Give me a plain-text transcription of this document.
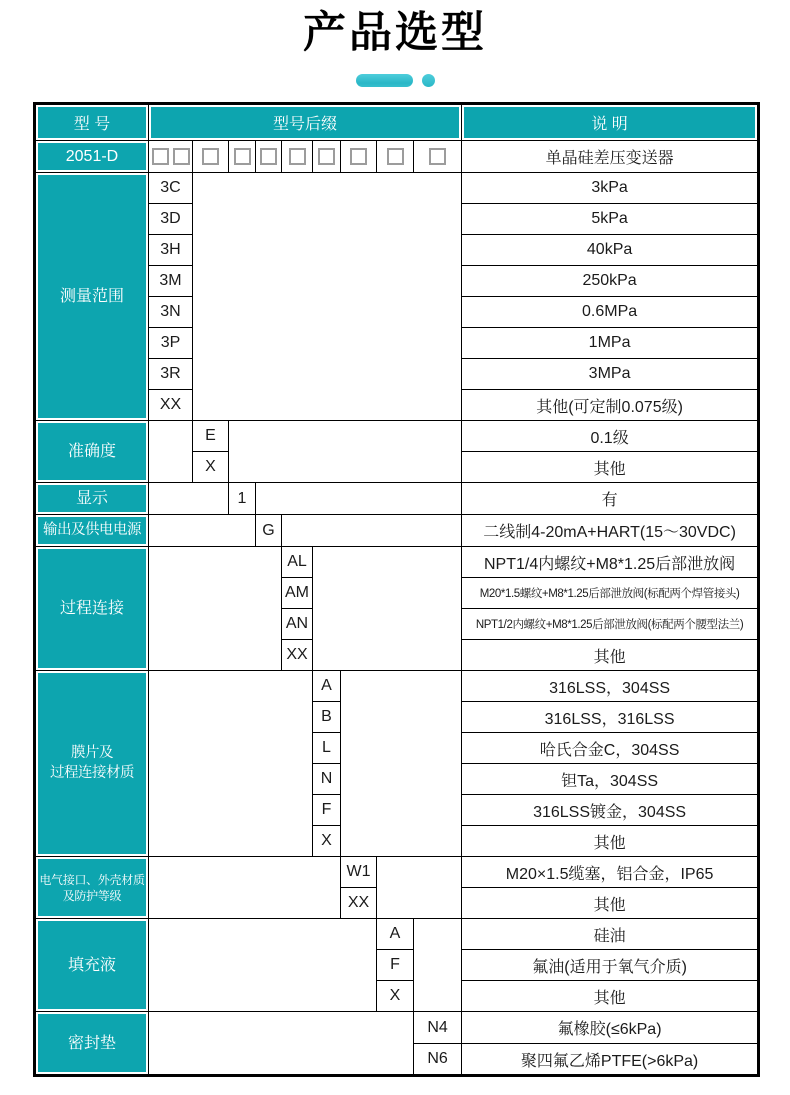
产品选型
型 号	型号后缀									说 明
2051-D										单晶硅差压变送器
测量范围	3C									3kPa
	3D									5kPa
	3H									40kPa
	3M									250kPa
	3N									0.6MPa
	3P									1MPa
	3R									3MPa
	XX									其他(可定制0.075级)
准确度		E								0.1级
		X								其他
显示			1							有
输出及供电电源				G						二线制4-20mA+HART(15～30VDC)
过程连接					AL					NPT1/4内螺纹+M8*1.25后部泄放阀
					AM					M20*1.5螺纹+M8*1.25后部泄放阀(标配两个焊管接头)
					AN					NPT1/2内螺纹+M8*1.25后部泄放阀(标配两个腰型法兰)
					XX					其他
膜片及
过程连接材质						A				316LSS，304SS
						B				316LSS，316LSS
						L				哈氏合金C，304SS
						N				钽Ta，304SS
						F				316LSS镀金，304SS
						X				其他
电气接口、外壳材质
及防护等级							W1			M20×1.5缆塞，铝合金，IP65
							XX			其他
填充液								A		硅油
								F		氟油(适用于氧气介质)
								X		其他
密封垫									N4	氟橡胶(≤6kPa)
									N6	聚四氟乙烯PTFE(>6kPa)
